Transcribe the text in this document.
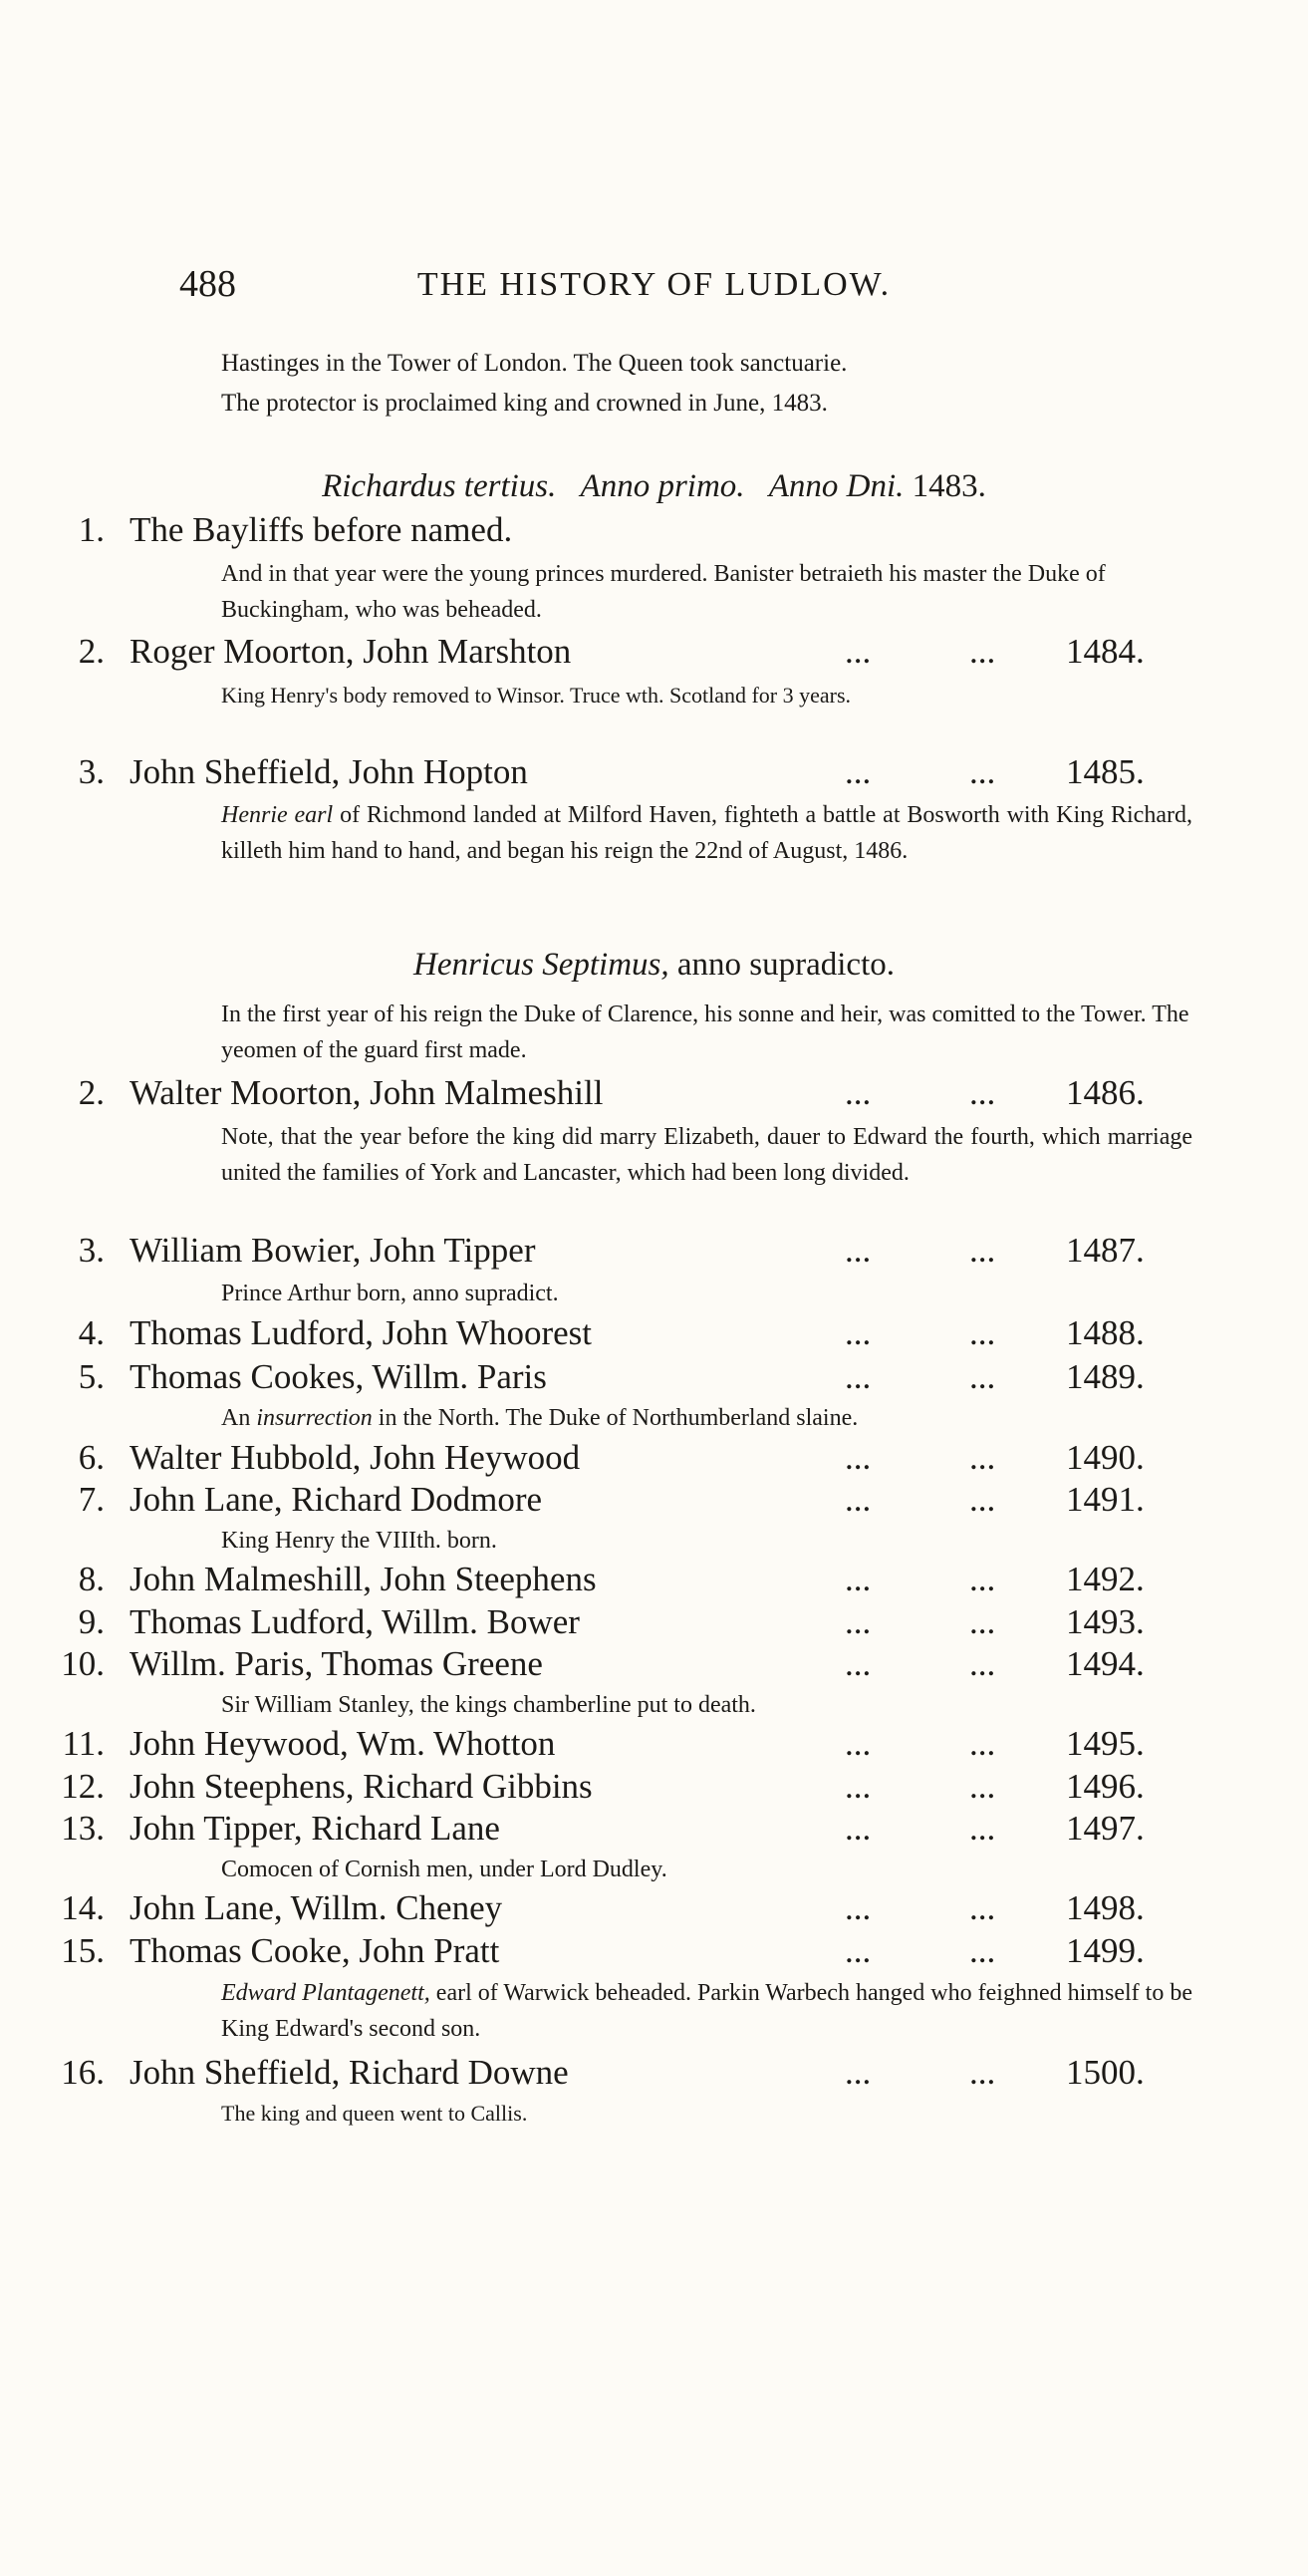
488	THE HISTORY OF LUDLOW.
Hastinges in the Tower of London. The Queen took sanctuarie.
The protector is proclaimed king and crowned in June, 1483.
Richardus tertius. Anno primo. Anno Dni. 1483.
1. The Bayliffs before named.
And in that year were the young princes murdered. Banister betraieth his master the Duke of Buckingham, who was beheaded.
2. Roger Moorton, John Marshton	...	... 1484.
King Henry's body removed to Winsor. Truce wth. Scotland for 3 years.
3. John Sheffield, John Hopton	...	... 1485.
Henrie earl of Richmond landed at Milford Haven, fighteth a battle at Bosworth with King Richard, killeth him hand to hand, and began his reign the 22nd of August, 1486.
Henricus Septimus, anno supradicto.
In the first year of his reign the Duke of Clarence, his sonne and heir, was comitted to the Tower. The yeomen of the guard first made.
2. Walter Moorton, John Malmeshill	...	... 1486.
Note, that the year before the king did marry Elizabeth, dauer to Edward the fourth, which marriage united the families of York and Lancaster, which had been long divided.
3. William Bowier, John Tipper	...	... 1487.
Prince Arthur born, anno supradict.
4. Thomas Ludford, John Whoorest	...	... 1488.
5. Thomas Cookes, Willm. Paris	...	... 1489.
An insurrection in the North. The Duke of Northumberland slaine.
6. Walter Hubbold, John Heywood	...	... 1490.
7. John Lane, Richard Dodmore	...	... 1491.
King Henry the VIIIth. born.
8. John Malmeshill, John Steephens	...	... 1492.
9. Thomas Ludford, Willm. Bower	...	... 1493.
10. Willm. Paris, Thomas Greene	...	... 1494.
Sir William Stanley, the kings chamberline put to death.
11. John Heywood, Wm. Whotton	...	... 1495.
12. John Steephens, Richard Gibbins	...	... 1496.
13. John Tipper, Richard Lane	...	... 1497.
Comocen of Cornish men, under Lord Dudley.
14. John Lane, Willm. Cheney	...	... 1498.
15. Thomas Cooke, John Pratt	...	... 1499.
Edward Plantagenett, earl of Warwick beheaded. Parkin Warbech hanged who feighned himself to be King Edward's second son.
16. John Sheffield, Richard Downe	...	... 1500.
The king and queen went to Callis.
